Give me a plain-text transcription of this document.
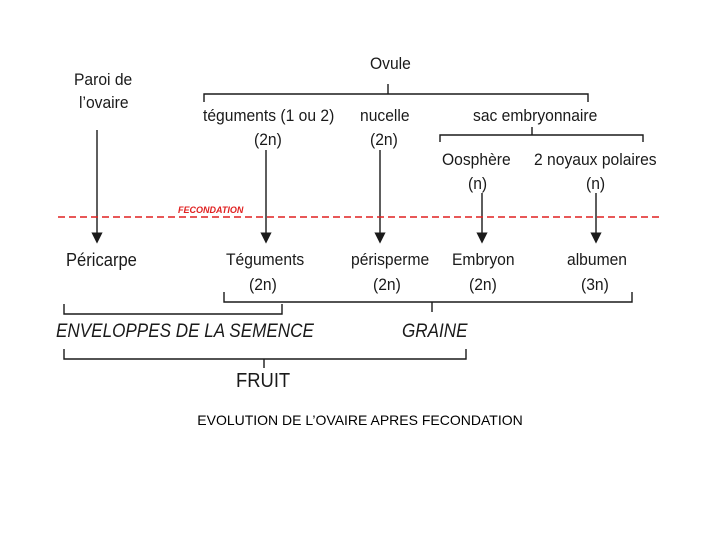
Ovule
Paroi de
l’ovaire
téguments (1 ou 2)
(2n)
nucelle
(2n)
sac embryonnaire
Oosphère
(n)
2 noyaux polaires
(n)
FECONDATION
Péricarpe	Téguments
(2n)
périsperme
(2n)
Embryon
(2n)
albumen
(3n)
ENVELOPPES DE LA SEMENCE	GRAINE
FRUIT
EVOLUTION DE L’OVAIRE APRES FECONDATION
